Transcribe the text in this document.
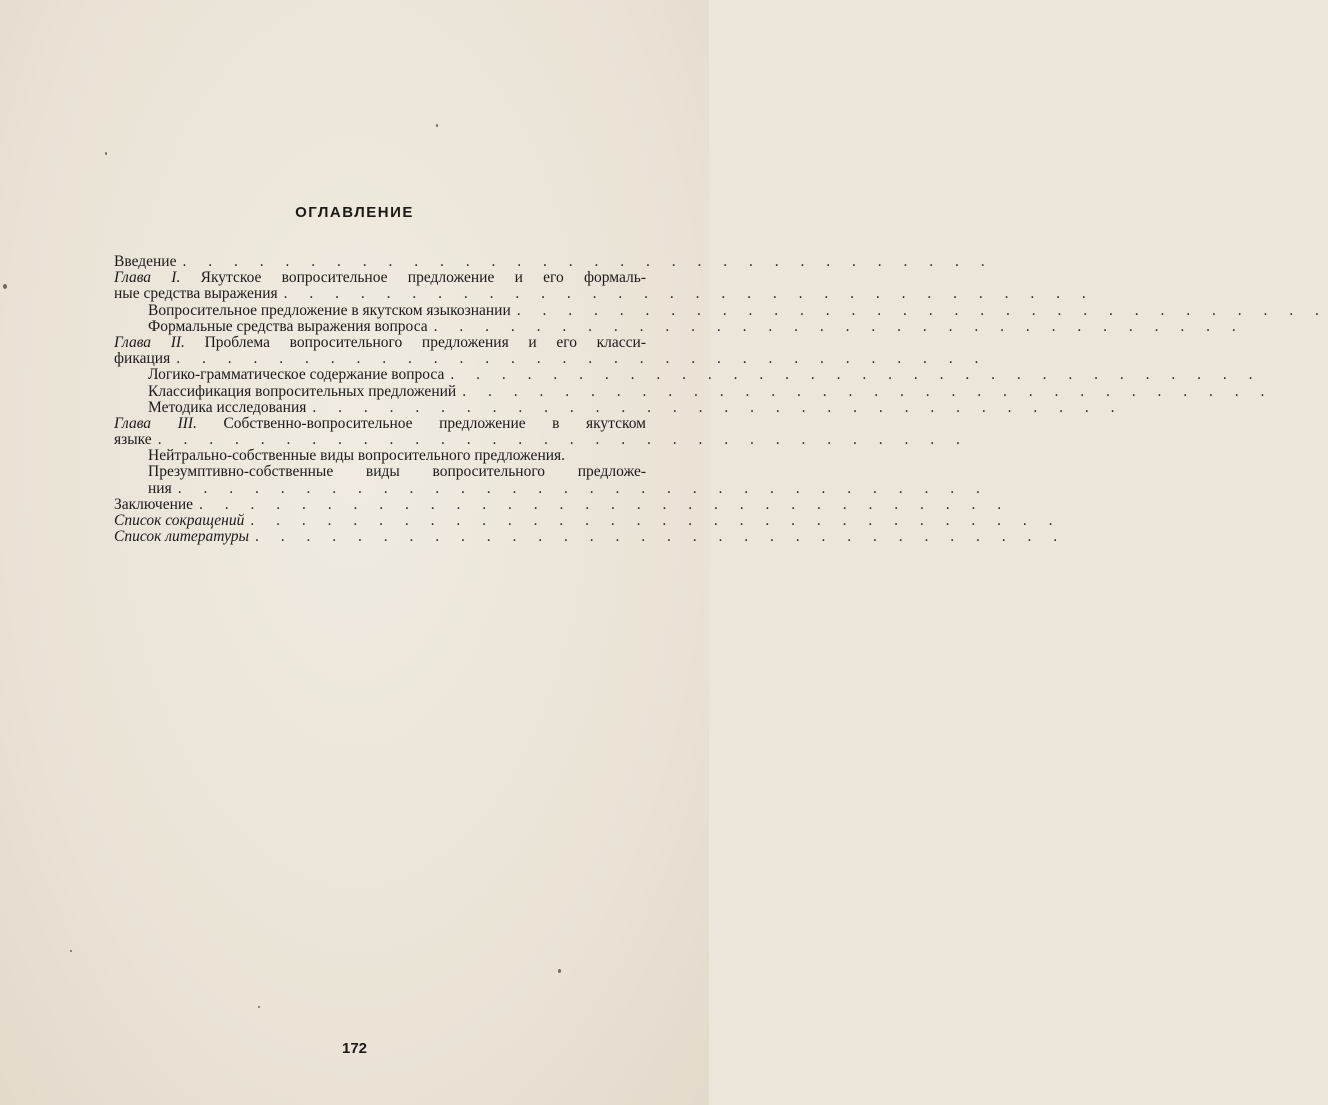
ОГЛАВЛЕНИЕ
Введение . . . . . . . . . . . . . . . . . . . . . . . . . . . . . . . .
Глава I. Якутское вопросительное предложение и его формаль-
ные средства выражения . . . . . . . . . . . . . . . . . . . . . . . . . . . . . . . .
Вопросительное предложение в якутском языкознании . . . . . . . . . . . . . . . . . . . . . . . . . . . . . . . .
Формальные средства выражения вопроса . . . . . . . . . . . . . . . . . . . . . . . . . . . . . . . .
Глава II. Проблема вопросительного предложения и его класси-
фикация . . . . . . . . . . . . . . . . . . . . . . . . . . . . . . . .
Логико-грамматическое содержание вопроса . . . . . . . . . . . . . . . . . . . . . . . . . . . . . . . .
Классификация вопросительных предложений . . . . . . . . . . . . . . . . . . . . . . . . . . . . . . . .
Методика исследования . . . . . . . . . . . . . . . . . . . . . . . . . . . . . . . .
Глава III. Собственно-вопросительное предложение в якутском
языке . . . . . . . . . . . . . . . . . . . . . . . . . . . . . . . .
Нейтрально-собственные виды вопросительного предложения.
Презумптивно-собственные виды вопросительного предложе-
ния . . . . . . . . . . . . . . . . . . . . . . . . . . . . . . . .
Заключение . . . . . . . . . . . . . . . . . . . . . . . . . . . . . . . .
Список сокращений . . . . . . . . . . . . . . . . . . . . . . . . . . . . . . . .
Список литературы . . . . . . . . . . . . . . . . . . . . . . . . . . . . . . . .
172
